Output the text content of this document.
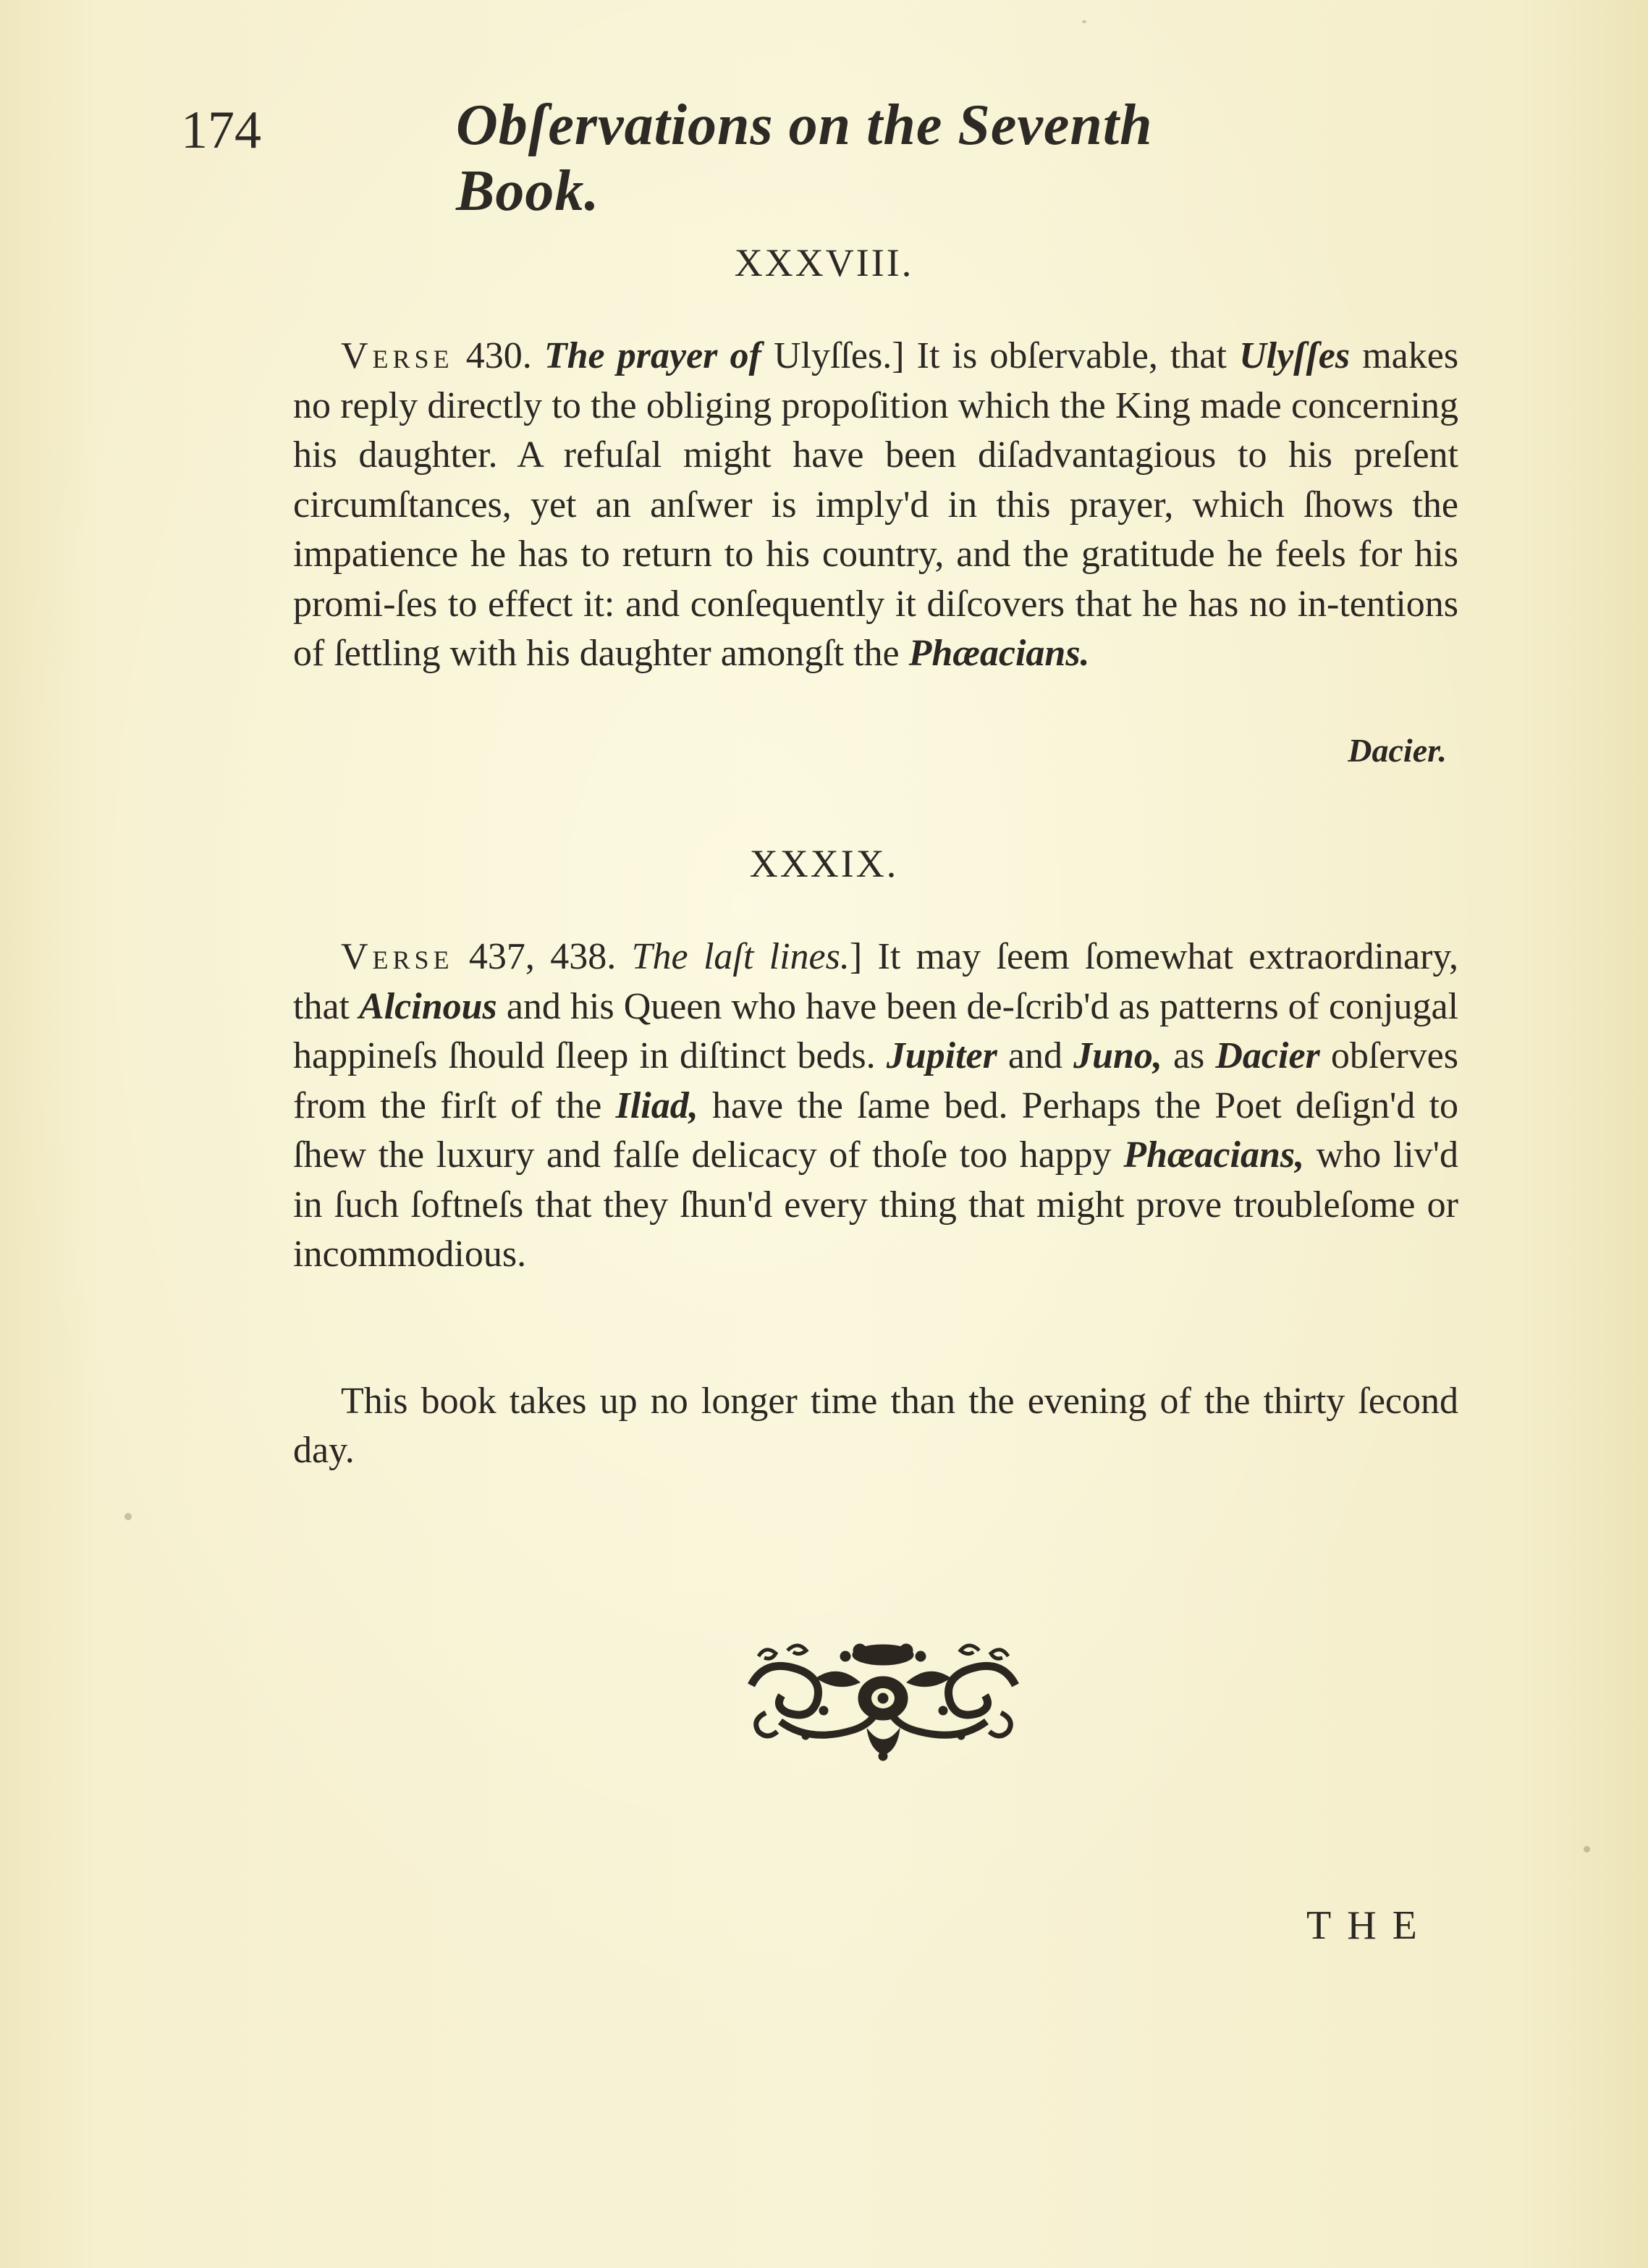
174	Obſervations on the Seventh Book.
XXXVIII.

Verse 430. The prayer of Ulyſſes.] It is obſervable, that Ulyſſes makes no reply directly to the obliging propoſition which the King made concerning his daughter. A refuſal might have been diſadvantagious to his preſent circumſtances, yet an anſwer is imply'd in this prayer, which ſhows the impatience he has to return to his country, and the gratitude he feels for his promi-ſes to effect it: and conſequently it diſcovers that he has no in-tentions of ſettling with his daughter amongſt the Phæacians.

Dacier.
XXXIX.

Verse 437, 438. The laſt lines.] It may ſeem ſomewhat extraordinary, that Alcinous and his Queen who have been de-ſcrib'd as patterns of conjugal happineſs ſhould ſleep in diſtinct beds. Jupiter and Juno, as Dacier obſerves from the firſt of the Iliad, have the ſame bed. Perhaps the Poet deſign'd to ſhew the luxury and falſe delicacy of thoſe too happy Phæacians, who liv'd in ſuch ſoftneſs that they ſhun'd every thing that might prove troubleſome or incommodious.

This book takes up no longer time than the evening of the thirty ſecond day.

THE
